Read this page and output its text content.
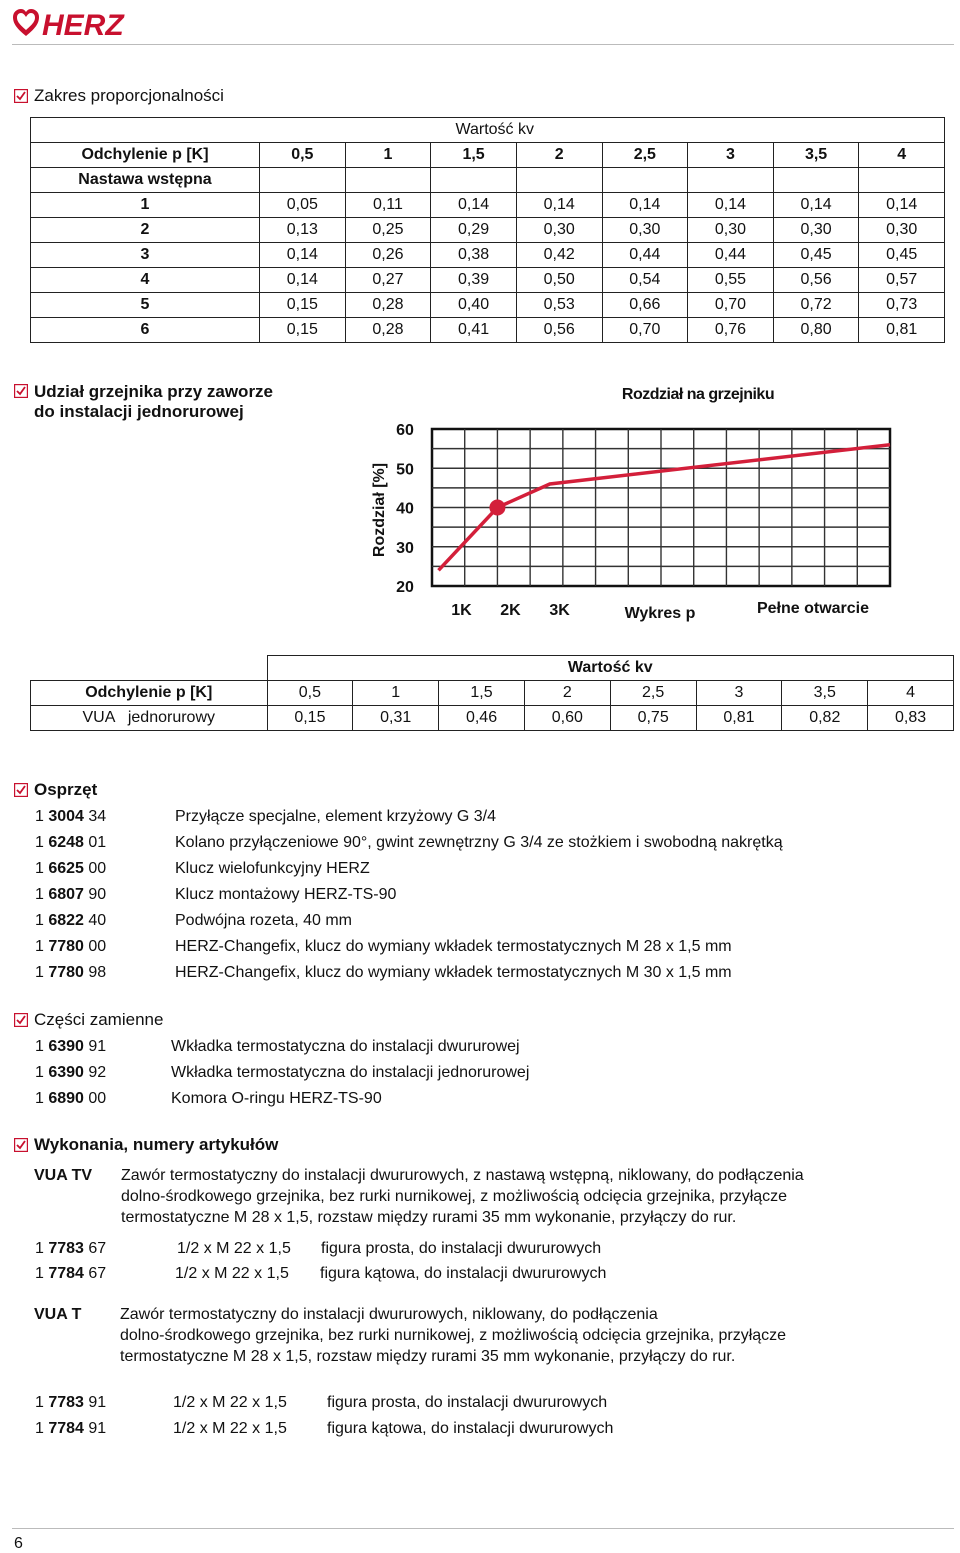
HERZ
Zakres proporcjonalności
Wartość kv								
Odchylenie p [K]	0,5	1	1,5	2	2,5	3	3,5	4
Nastawa wstępna								
1	0,05	0,11	0,14	0,14	0,14	0,14	0,14	0,14
2	0,13	0,25	0,29	0,30	0,30	0,30	0,30	0,30
3	0,14	0,26	0,38	0,42	0,44	0,44	0,45	0,45
4	0,14	0,27	0,39	0,50	0,54	0,55	0,56	0,57
5	0,15	0,28	0,40	0,53	0,66	0,70	0,72	0,73
6	0,15	0,28	0,41	0,56	0,70	0,76	0,80	0,81
Udział grzejnika przy zaworze
do instalacji jednorurowej
Rozdział na grzejniku
Rozdział [%]
20
30
40
50
60
1K 2K 3K	Wykres p	Pełne otwarcie
	Wartość kv							
Odchylenie p [K]	0,5	1	1,5	2	2,5	3	3,5	4
VUA   jednorurowy	0,15	0,31	0,46	0,60	0,75	0,81	0,82	0,83
Osprzęt
1 3004 34	Przyłącze specjalne, element krzyżowy G 3/4
1 6248 01	Kolano przyłączeniowe 90°, gwint zewnętrzny G 3/4 ze stożkiem i swobodną nakrętką
1 6625 00	Klucz wielofunkcyjny HERZ
1 6807 90	Klucz montażowy HERZ-TS-90
1 6822 40	Podwójna rozeta, 40 mm
1 7780 00	HERZ-Changefix, klucz do wymiany wkładek termostatycznych M 28 x 1,5 mm
1 7780 98	HERZ-Changefix, klucz do wymiany wkładek termostatycznych M 30 x 1,5 mm
Części zamienne
1 6390 91	Wkładka termostatyczna do instalacji dwururowej
1 6390 92	Wkładka termostatyczna do instalacji jednorurowej
1 6890 00	Komora O-ringu HERZ-TS-90
Wykonania, numery artykułów
VUA TV Zawór termostatyczny do instalacji dwururowych, z nastawą wstępną, niklowany, do podłączenia
dolno-środkowego grzejnika, bez rurki nurnikowej, z możliwością odcięcia grzejnika, przyłącze
termostatyczne M 28 x 1,5, rozstaw między rurami 35 mm wykonanie, przyłączy do rur.
1 7783 67	1/2 x M 22 x 1,5 figura prosta, do instalacji dwururowych
1 7784 67	1/2 x M 22 x 1,5 figura kątowa, do instalacji dwururowych
VUA T Zawór termostatyczny do instalacji dwururowych, niklowany, do podłączenia
dolno-środkowego grzejnika, bez rurki nurnikowej, z możliwością odcięcia grzejnika, przyłącze
termostatyczne M 28 x 1,5, rozstaw między rurami 35 mm wykonanie, przyłączy do rur.
1 7783 91	1/2 x M 22 x 1,5	figura prosta, do instalacji dwururowych
1 7784 91	1/2 x M 22 x 1,5	figura kątowa, do instalacji dwururowych
6
